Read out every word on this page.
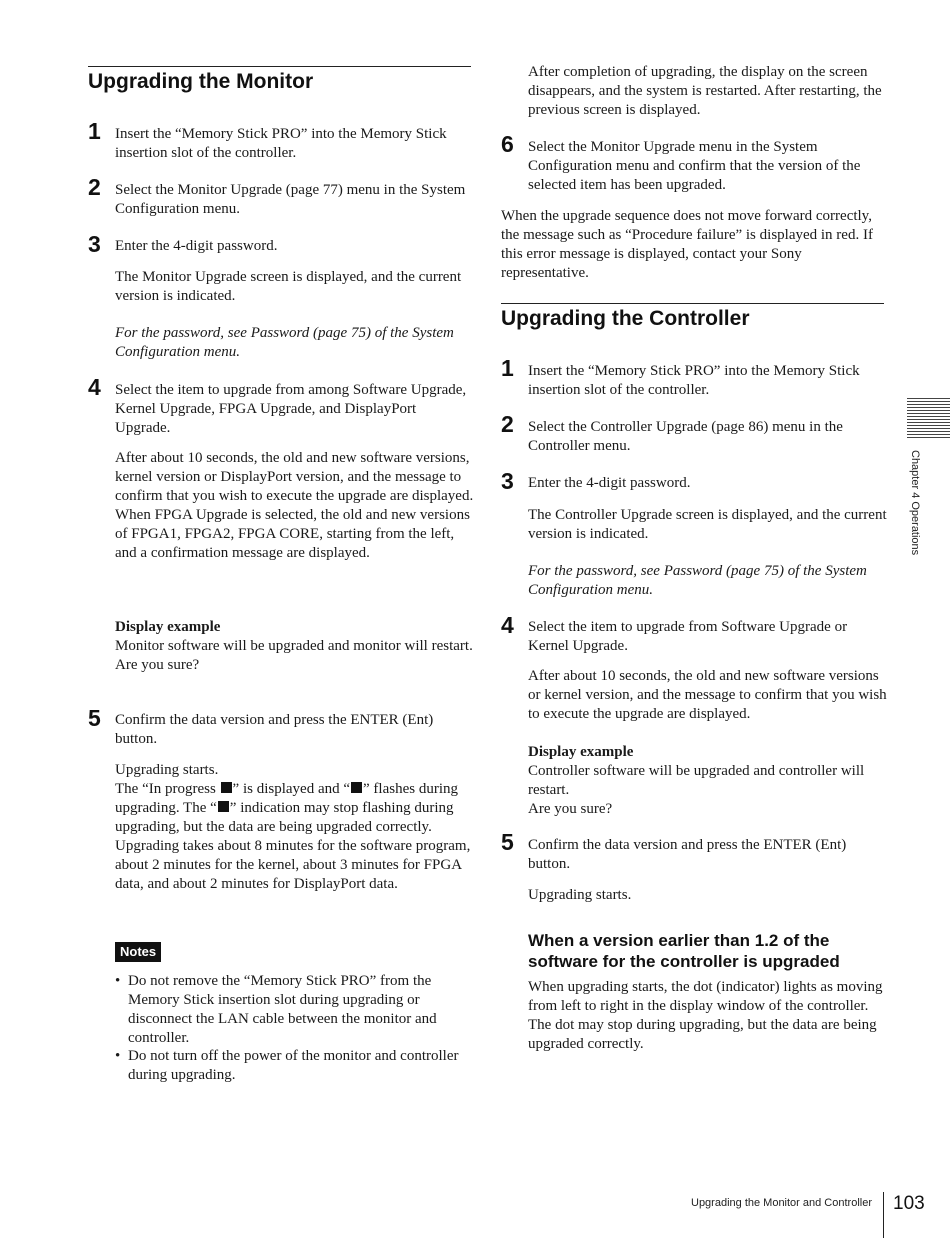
Upgrading the Monitor
1 Insert the “Memory Stick PRO” into the Memory Stick insertion slot of the controller.
2 Select the Monitor Upgrade (page 77) menu in the System Configuration menu.
3 Enter the 4-digit password.
The Monitor Upgrade screen is displayed, and the current version is indicated.
For the password, see Password (page 75) of the System Configuration menu.
4 Select the item to upgrade from among Software Upgrade, Kernel Upgrade, FPGA Upgrade, and DisplayPort Upgrade.
After about 10 seconds, the old and new software versions, kernel version or DisplayPort version, and the message to confirm that you wish to execute the upgrade are displayed.
When FPGA Upgrade is selected, the old and new versions of FPGA1, FPGA2, FPGA CORE, starting from the left, and a confirmation message are displayed.
Display example
Monitor software will be upgraded and monitor will restart.
Are you sure?
5 Confirm the data version and press the ENTER (Ent) button.
Upgrading starts.
The “In progress ” is displayed and “ ” flashes during upgrading. The “ ” indication may stop flashing during upgrading, but the data are being upgraded correctly.
Upgrading takes about 8 minutes for the software program, about 2 minutes for the kernel, about 3 minutes for FPGA data, and about 2 minutes for DisplayPort data.
Notes
• Do not remove the “Memory Stick PRO” from the Memory Stick insertion slot during upgrading or disconnect the LAN cable between the monitor and controller.
• Do not turn off the power of the monitor and controller during upgrading.
After completion of upgrading, the display on the screen disappears, and the system is restarted. After restarting, the previous screen is displayed.
6 Select the Monitor Upgrade menu in the System Configuration menu and confirm that the version of the selected item has been upgraded.
When the upgrade sequence does not move forward correctly, the message such as “Procedure failure” is displayed in red. If this error message is displayed, contact your Sony representative.
Upgrading the Controller
1 Insert the “Memory Stick PRO” into the Memory Stick insertion slot of the controller.
2 Select the Controller Upgrade (page 86) menu in the Controller menu.
3 Enter the 4-digit password.
The Controller Upgrade screen is displayed, and the current version is indicated.
For the password, see Password (page 75) of the System Configuration menu.
4 Select the item to upgrade from Software Upgrade or Kernel Upgrade.
After about 10 seconds, the old and new software versions or kernel version, and the message to confirm that you wish to execute the upgrade are displayed.
Display example
Controller software will be upgraded and controller will restart.
Are you sure?
5 Confirm the data version and press the ENTER (Ent) button.
Upgrading starts.
When a version earlier than 1.2 of the software for the controller is upgraded
When upgrading starts, the dot (indicator) lights as moving from left to right in the display window of the controller. The dot may stop during upgrading, but the data are being upgraded correctly.
Chapter 4 Operations
Upgrading the Monitor and Controller 103
